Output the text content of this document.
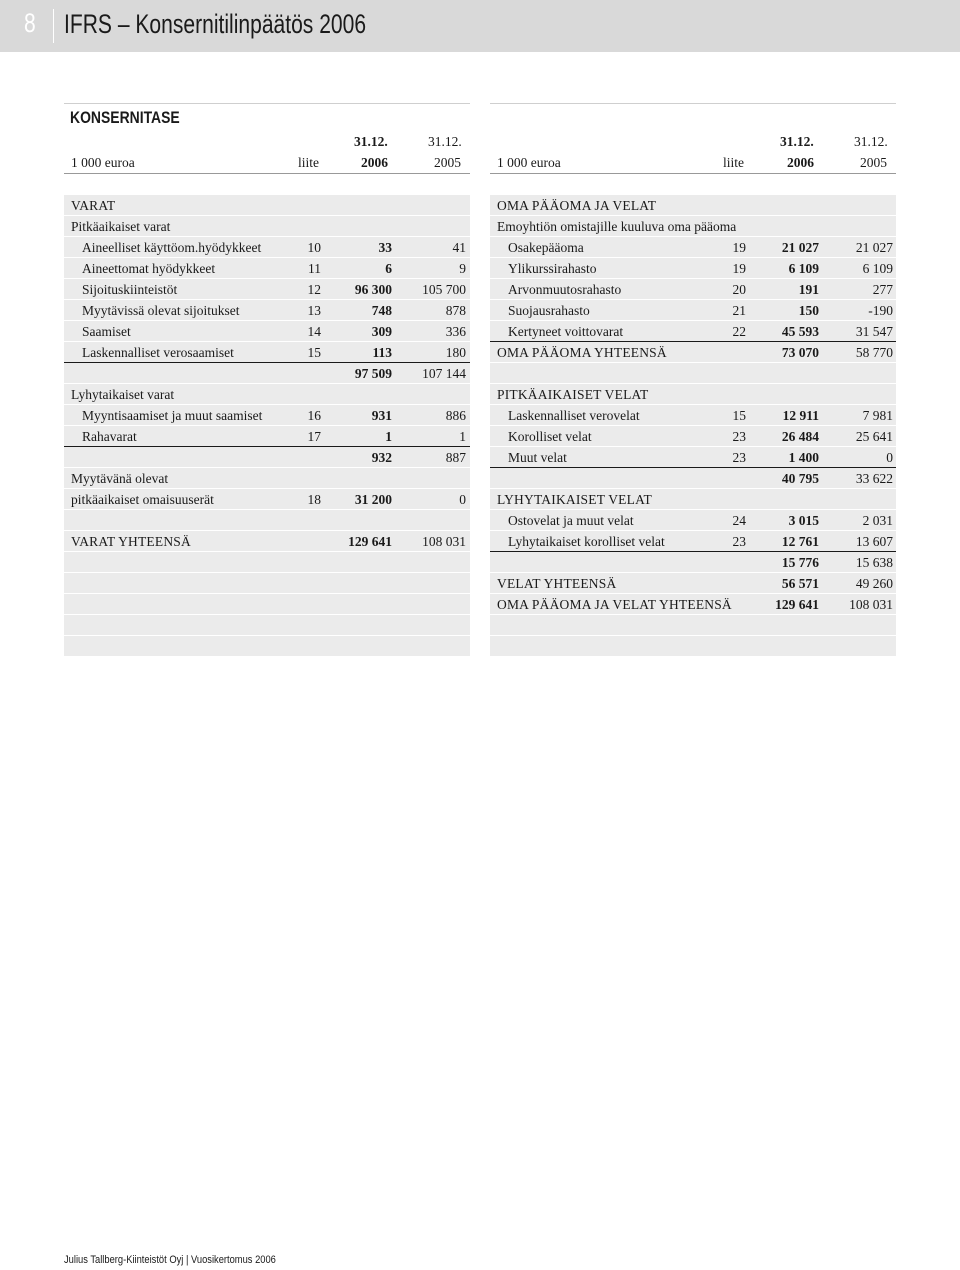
8 IFRS – Konsernitilinpäätös 2006
KONSERNITASE
31.12.	31.12.
1 000 euroa	liite	2006	2005
VARAT
Pitkäaikaiset varat
Aineelliset käyttöom.hyödykkeet	10	33	41
Aineettomat hyödykkeet	11	6	9
Sijoituskiinteistöt	12	96 300	105 700
Myytävissä olevat sijoitukset	13	748	878
Saamiset	14	309	336
Laskennalliset verosaamiset	15	113	180
97 509	107 144
Lyhytaikaiset varat
Myyntisaamiset ja muut saamiset	16	931	886
Rahavarat	17	1	1
932	887
Myytävänä olevat
pitkäaikaiset omaisuuserät	18	31 200	0
VARAT YHTEENSÄ	129 641	108 031
31.12.	31.12.
1 000 euroa	liite	2006	2005
OMA PÄÄOMA JA VELAT
Emoyhtiön omistajille kuuluva oma pääoma
Osakepääoma	19	21 027	21 027
Ylikurssirahasto	19	6 109	6 109
Arvonmuutosrahasto	20	191	277
Suojausrahasto	21	150	-190
Kertyneet voittovarat	22	45 593	31 547
OMA PÄÄOMA YHTEENSÄ	73 070	58 770
PITKÄAIKAISET VELAT
Laskennalliset verovelat	15	12 911	7 981
Korolliset velat	23	26 484	25 641
Muut velat	23	1 400	0
40 795	33 622
LYHYTAIKAISET VELAT
Ostovelat ja muut velat	24	3 015	2 031
Lyhytaikaiset korolliset velat	23	12 761	13 607
15 776	15 638
VELAT YHTEENSÄ	56 571	49 260
OMA PÄÄOMA JA VELAT YHTEENSÄ	129 641	108 031
Julius Tallberg-Kiinteistöt Oyj | Vuosikertomus 2006
